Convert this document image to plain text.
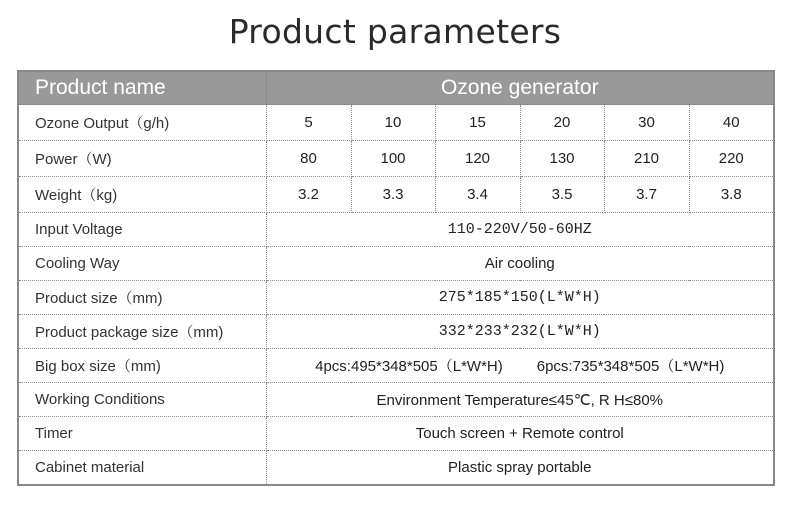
Product parameters
Product name	Ozone generator					
Ozone Output（g/h)	5	10	15	20	30	40
Power（W)	80	100	120	130	210	220
Weight（kg)	3.2	3.3	3.4	3.5	3.7	3.8
Input Voltage	110-220V/50-60HZ					
Cooling Way	Air cooling					
Product size（mm)	275*185*150(L*W*H)					
Product package size（mm)	332*233*232(L*W*H)					
Big box size（mm)	4pcs:495*348*505（L*W*H) 6pcs:735*348*505（L*W*H)					
Working Conditions	Environment Temperature≤45℃, R H≤80%					
Timer	Touch screen + Remote control					
Cabinet material	Plastic spray portable					
